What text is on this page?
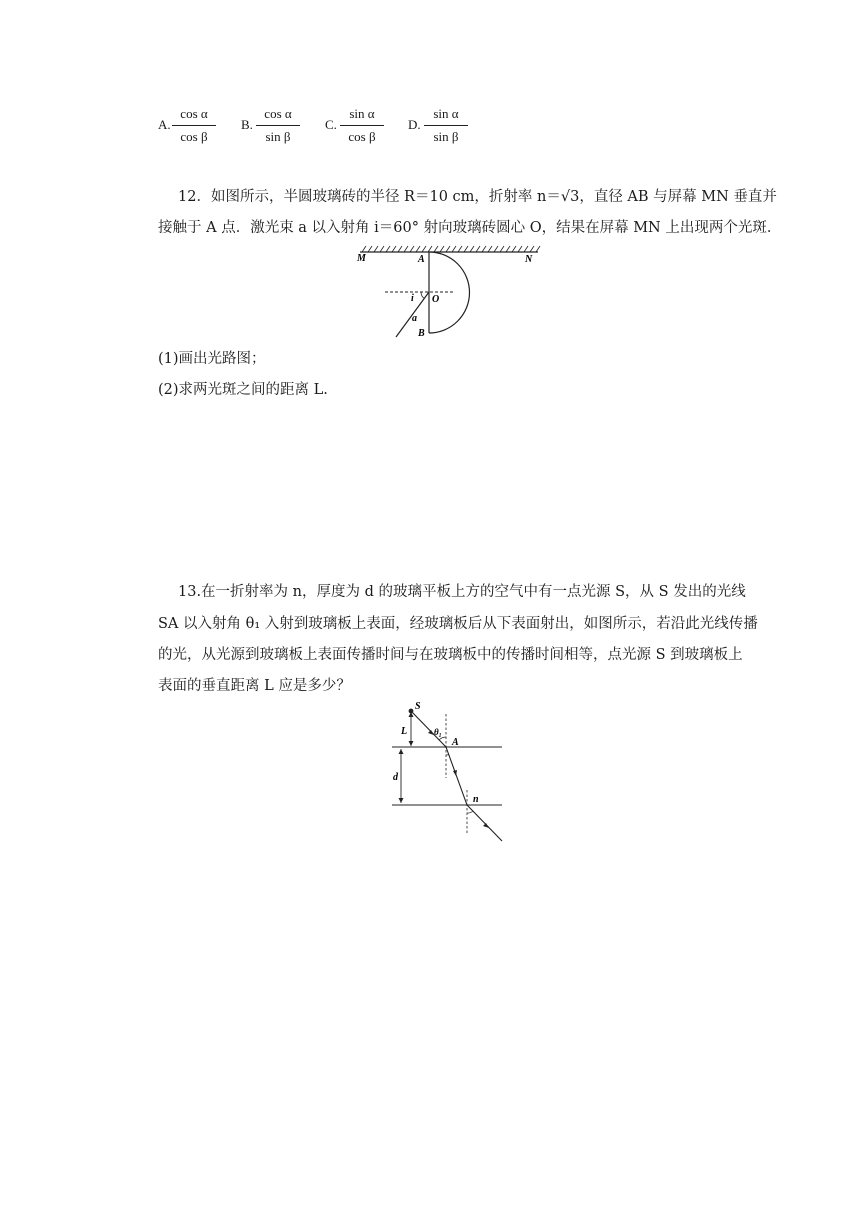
A.
cos α
cos β
B.
cos α
sin β
C.
sin α
cos β
D.
sin α
sin β
12．如图所示，半圆玻璃砖的半径 R＝10 cm，折射率 n＝√3，直径 AB 与屏幕 MN 垂直并
接触于 A 点．激光束 a 以入射角 i＝60° 射向玻璃砖圆心 O，结果在屏幕 MN 上出现两个光斑．
M	N
A
B
O
i
a
(1)画出光路图；
(2)求两光斑之间的距离 L.
13.在一折射率为 n，厚度为 d 的玻璃平板上方的空气中有一点光源 S，从 S 发出的光线
SA 以入射角 θ₁ 入射到玻璃板上表面，经玻璃板后从下表面射出，如图所示，若沿此光线传播
的光，从光源到玻璃板上表面传播时间与在玻璃板中的传播时间相等，点光源 S 到玻璃板上
表面的垂直距离 L 应是多少？
S
L	θ₁
A
d
n
